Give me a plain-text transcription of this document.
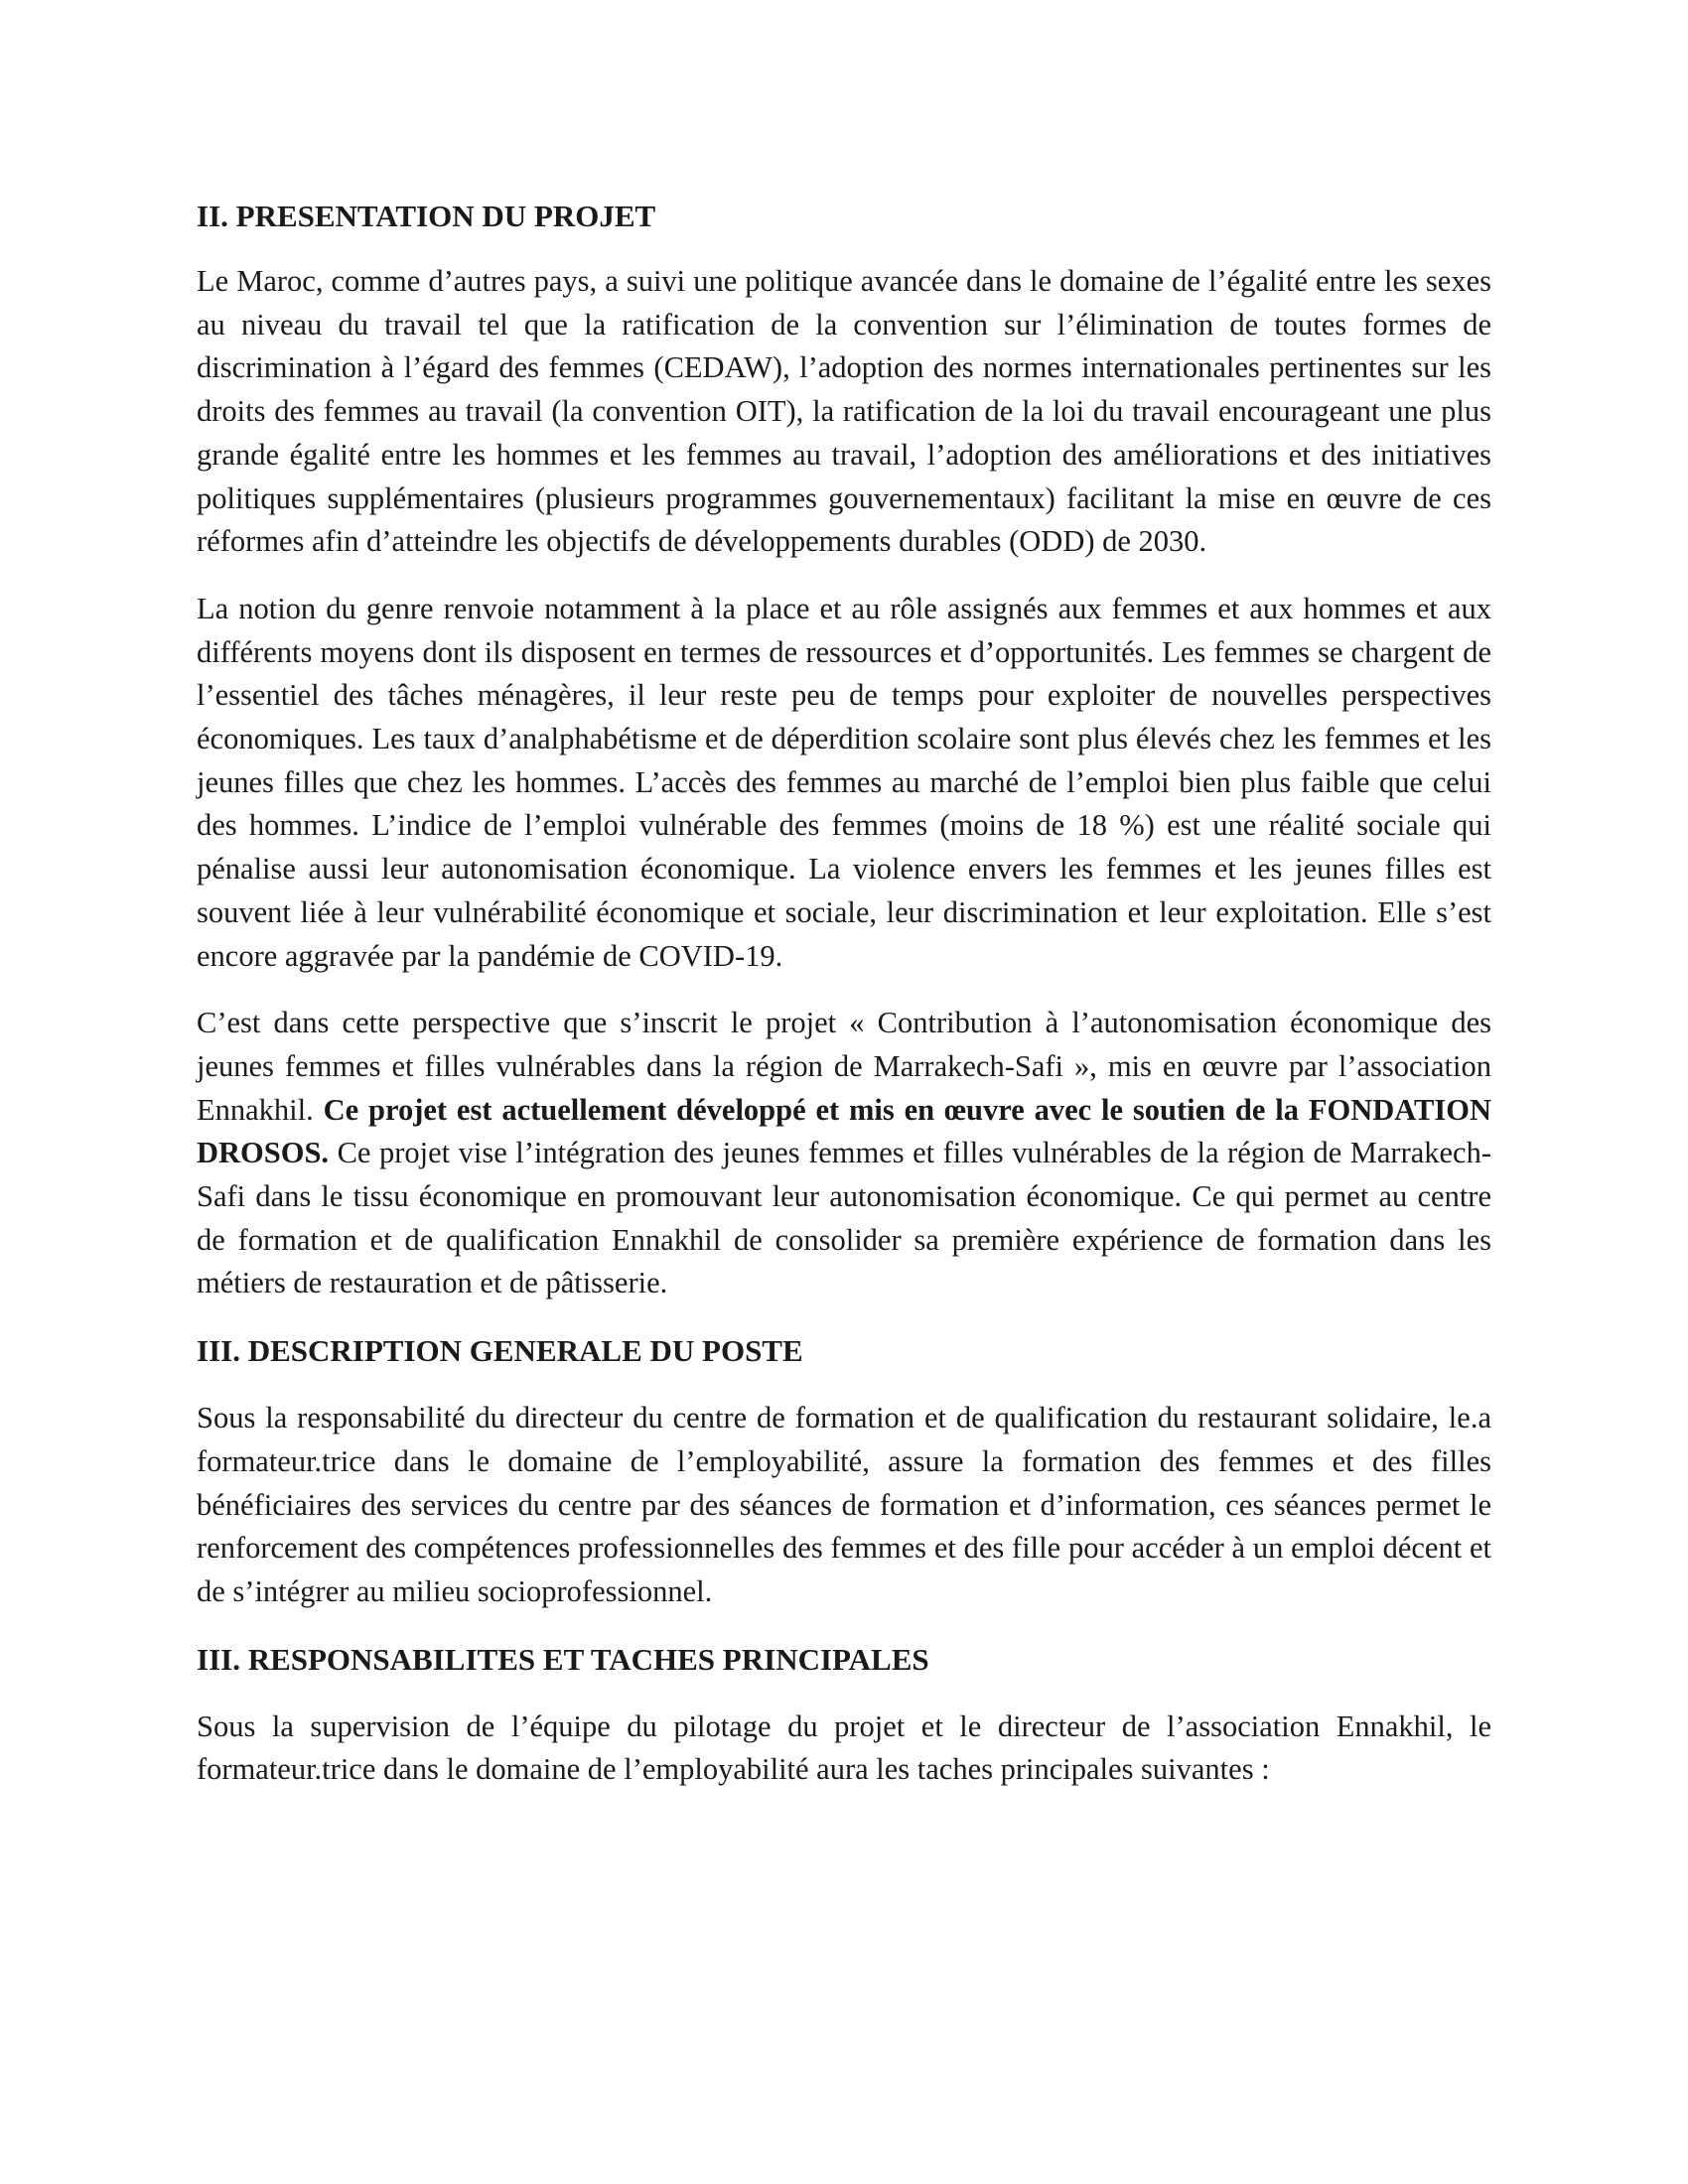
II. PRESENTATION DU PROJET

Le Maroc, comme d’autres pays, a suivi une politique avancée dans le domaine de l’égalité entre les sexes au niveau du travail tel que la ratification de la convention sur l’élimination de toutes formes de discrimination à l’égard des femmes (CEDAW), l’adoption des normes internationales pertinentes sur les droits des femmes au travail (la convention OIT), la ratification de la loi du travail encourageant une plus grande égalité entre les hommes et les femmes au travail, l’adoption des améliorations et des initiatives politiques supplémentaires (plusieurs programmes gouvernementaux) facilitant la mise en œuvre de ces réformes afin d’atteindre les objectifs de développements durables (ODD) de 2030.

La notion du genre renvoie notamment à la place et au rôle assignés aux femmes et aux hommes et aux différents moyens dont ils disposent en termes de ressources et d’opportunités. Les femmes se chargent de l’essentiel des tâches ménagères, il leur reste peu de temps pour exploiter de nouvelles perspectives économiques. Les taux d’analphabétisme et de déperdition scolaire sont plus élevés chez les femmes et les jeunes filles que chez les hommes. L’accès des femmes au marché de l’emploi bien plus faible que celui des hommes. L’indice de l’emploi vulnérable des femmes (moins de 18 %) est une réalité sociale qui pénalise aussi leur autonomisation économique. La violence envers les femmes et les jeunes filles est souvent liée à leur vulnérabilité économique et sociale, leur discrimination et leur exploitation. Elle s’est encore aggravée par la pandémie de COVID-19.

C’est dans cette perspective que s’inscrit le projet « Contribution à l’autonomisation économique des jeunes femmes et filles vulnérables dans la région de Marrakech-Safi », mis en œuvre par l’association Ennakhil. Ce projet est actuellement développé et mis en œuvre avec le soutien de la FONDATION DROSOS. Ce projet vise l’intégration des jeunes femmes et filles vulnérables de la région de Marrakech-Safi dans le tissu économique en promouvant leur autonomisation économique. Ce qui permet au centre de formation et de qualification Ennakhil de consolider sa première expérience de formation dans les métiers de restauration et de pâtisserie.

III. DESCRIPTION GENERALE DU POSTE

Sous la responsabilité du directeur du centre de formation et de qualification du restaurant solidaire, le.a formateur.trice dans le domaine de l’employabilité, assure la formation des femmes et des filles bénéficiaires des services du centre par des séances de formation et d’information, ces séances permet le renforcement des compétences professionnelles des femmes et des fille pour accéder à un emploi décent et de s’intégrer au milieu socioprofessionnel.

III. RESPONSABILITES ET TACHES PRINCIPALES

Sous la supervision de l’équipe du pilotage du projet et le directeur de l’association Ennakhil, le formateur.trice dans le domaine de l’employabilité aura les taches principales suivantes :
